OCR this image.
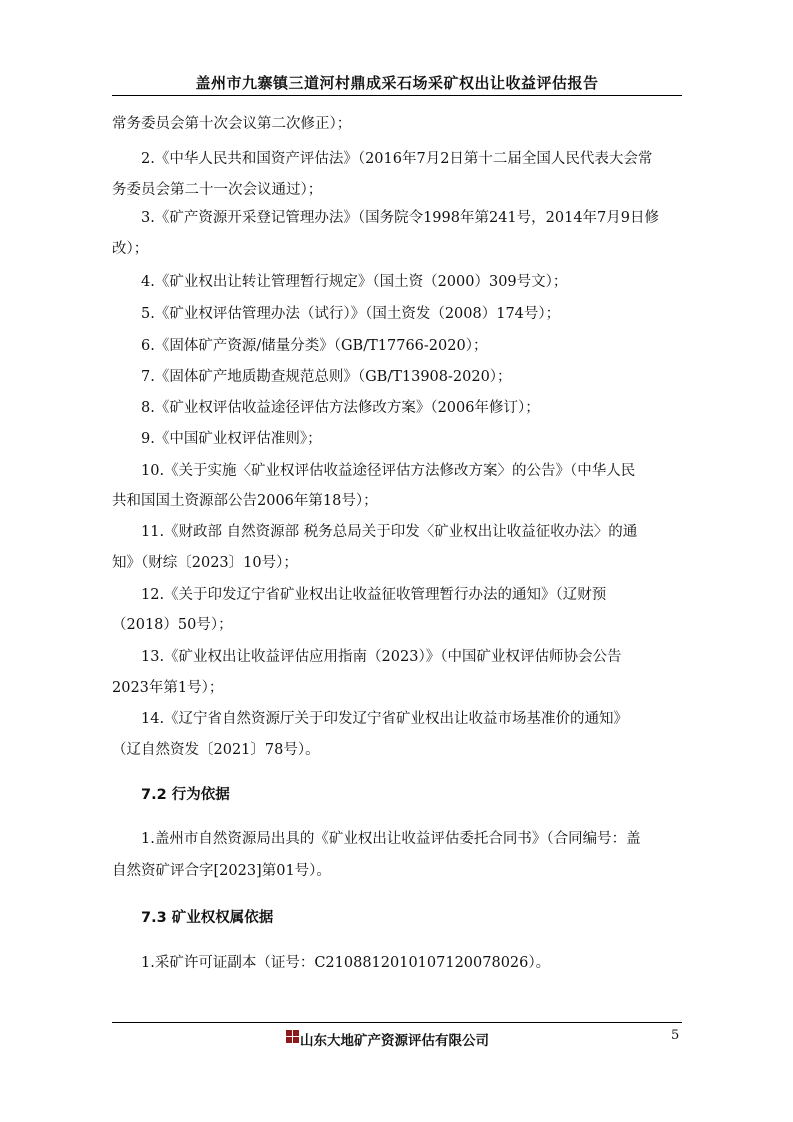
盖州市九寨镇三道河村鼎成采石场采矿权出让收益评估报告
常务委员会第十次会议第二次修正）；
2.《中华人民共和国资产评估法》（2016年7月2日第十二届全国人民代表大会常
务委员会第二十一次会议通过）；
3.《矿产资源开采登记管理办法》（国务院令1998年第241号，2014年7月9日修
改）；
4.《矿业权出让转让管理暂行规定》（国土资（2000）309号文）；
5.《矿业权评估管理办法（试行）》（国土资发（2008）174号）；
6.《固体矿产资源/储量分类》（GB/T17766-2020）；
7.《固体矿产地质勘查规范总则》（GB/T13908-2020）；
8.《矿业权评估收益途径评估方法修改方案》（2006年修订）；
9.《中国矿业权评估准则》；
10.《关于实施〈矿业权评估收益途径评估方法修改方案〉的公告》（中华人民
共和国国土资源部公告2006年第18号）；
11.《财政部 自然资源部 税务总局关于印发〈矿业权出让收益征收办法〉的通
知》（财综〔2023〕10号）；
12.《关于印发辽宁省矿业权出让收益征收管理暂行办法的通知》（辽财预
（2018）50号）；
13.《矿业权出让收益评估应用指南（2023）》（中国矿业权评估师协会公告
2023年第1号）；
14.《辽宁省自然资源厅关于印发辽宁省矿业权出让收益市场基准价的通知》
（辽自然资发〔2021〕78号）。
7.2 行为依据
1.盖州市自然资源局出具的《矿业权出让收益评估委托合同书》（合同编号：盖
自然资矿评合字[2023]第01号）。
7.3 矿业权权属依据
1.采矿许可证副本（证号：C2108812010107120078026）。
山东大地矿产资源评估有限公司	5
